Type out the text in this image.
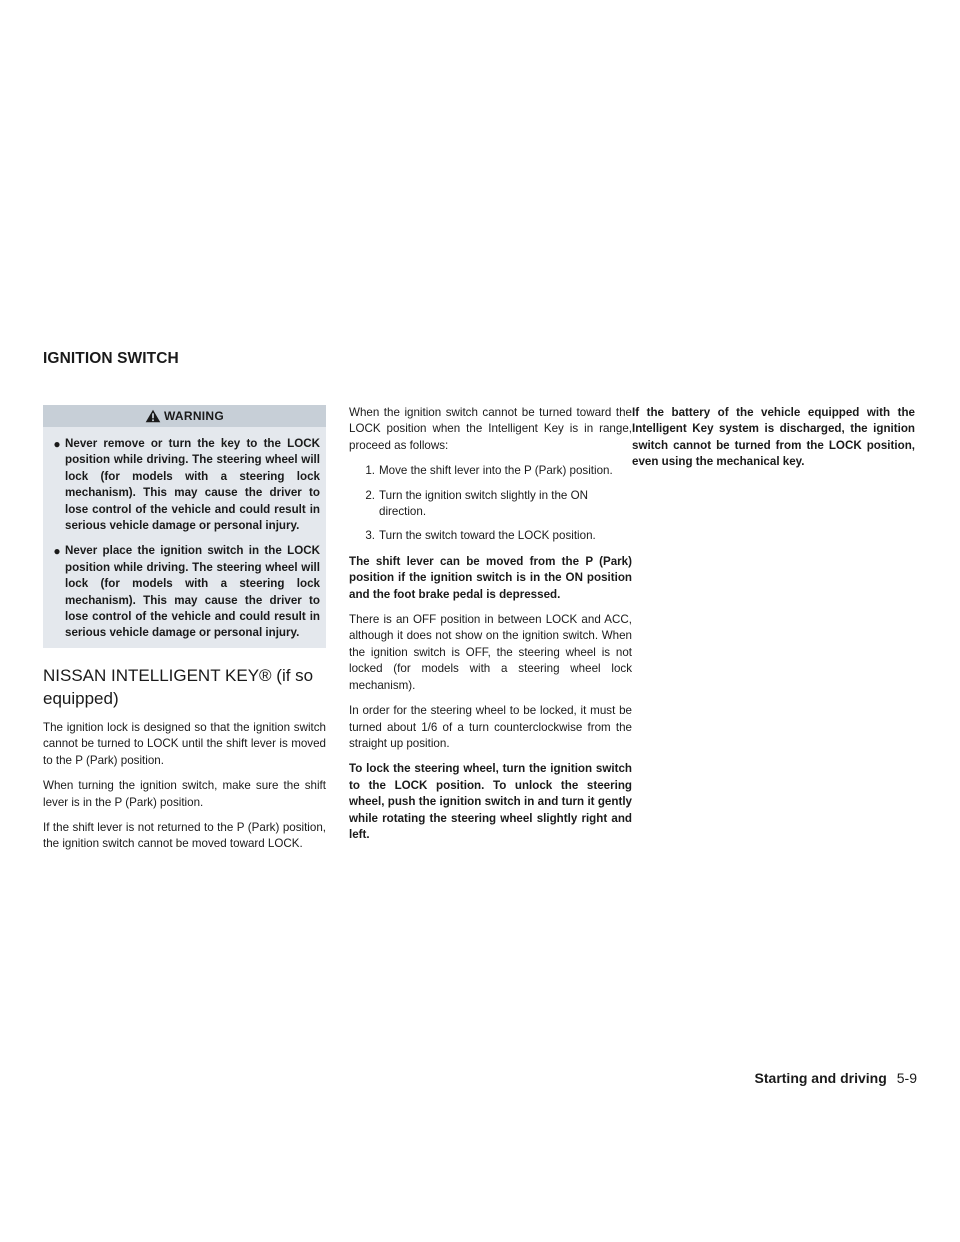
IGNITION SWITCH
WARNING
● Never remove or turn the key to the LOCK position while driving. The steering wheel will lock (for models with a steering lock mechanism). This may cause the driver to lose control of the vehicle and could result in serious vehicle damage or personal injury.
● Never place the ignition switch in the LOCK position while driving. The steering wheel will lock (for models with a steering lock mechanism). This may cause the driver to lose control of the vehicle and could result in serious vehicle damage or personal injury.
NISSAN INTELLIGENT KEY® (if so equipped)

The ignition lock is designed so that the ignition switch cannot be turned to LOCK until the shift lever is moved to the P (Park) position.

When turning the ignition switch, make sure the shift lever is in the P (Park) position.

If the shift lever is not returned to the P (Park) position, the ignition switch cannot be moved toward LOCK.

When the ignition switch cannot be turned toward the LOCK position when the Intelligent Key is in range, proceed as follows:

1. Move the shift lever into the P (Park) position.
2. Turn the ignition switch slightly in the ON direction.
3. Turn the switch toward the LOCK position.

The shift lever can be moved from the P (Park) position if the ignition switch is in the ON position and the foot brake pedal is depressed.

There is an OFF position in between LOCK and ACC, although it does not show on the ignition switch. When the ignition switch is OFF, the steering wheel is not locked (for models with a steering wheel lock mechanism).

In order for the steering wheel to be locked, it must be turned about 1/6 of a turn counterclockwise from the straight up position.

To lock the steering wheel, turn the ignition switch to the LOCK position. To unlock the steering wheel, push the ignition switch in and turn it gently while rotating the steering wheel slightly right and left.

If the battery of the vehicle equipped with the Intelligent Key system is discharged, the ignition switch cannot be turned from the LOCK position, even using the mechanical key.

Starting and driving 5-9
